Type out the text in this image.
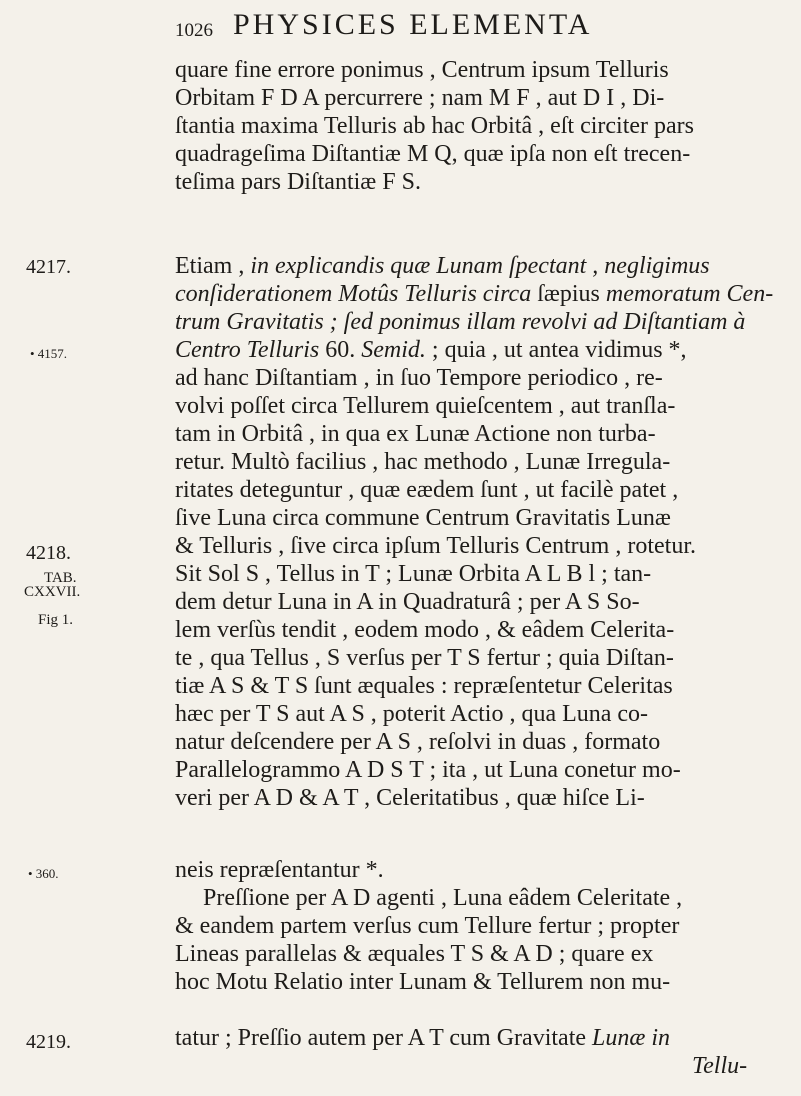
1026 PHYSICES ELEMENTA
4217.
• 4157.
4218.
TAB.
CXXVII.
Fig 1.
• 360.
4219.
quare fine errore ponimus , Centrum ipsum Telluris
Orbitam F D A percurrere ; nam M F , aut D I , Di-
ſtantia maxima Telluris ab hac Orbitâ , eſt circiter pars
quadrageſima Diſtantiæ M Q, quæ ipſa non eſt trecen-
teſima pars Diſtantiæ F S.
Etiam , in explicandis quæ Lunam ſpectant , negligimus
conſiderationem Motûs Telluris circa ſæpius memoratum Cen-
trum Gravitatis ; ſed ponimus illam revolvi ad Diſtantiam à
Centro Telluris 60. Semid. ; quia , ut antea vidimus *,
ad hanc Diſtantiam , in ſuo Tempore periodico , re-
volvi poſſet circa Tellurem quieſcentem , aut tranſla-
tam in Orbitâ , in qua ex Lunæ Actione non turba-
retur. Multò facilius , hac methodo , Lunæ Irregula-
ritates deteguntur , quæ eædem ſunt , ut facilè patet ,
ſive Luna circa commune Centrum Gravitatis Lunæ
& Telluris , ſive circa ipſum Telluris Centrum , rotetur.
Sit Sol S , Tellus in T ; Lunæ Orbita A L B l ; tan-
dem detur Luna in A in Quadraturâ ; per A S So-
lem verſùs tendit , eodem modo , & eâdem Celerita-
te , qua Tellus , S verſus per T S fertur ; quia Diſtan-
tiæ A S & T S ſunt æquales : repræſentetur Celeritas
hæc per T S aut A S , poterit Actio , qua Luna co-
natur deſcendere per A S , reſolvi in duas , formato
Parallelogrammo A D S T ; ita , ut Luna conetur mo-
veri per A D & A T , Celeritatibus , quæ hiſce Li-
neis repræſentantur *.
Preſſione per A D agenti , Luna eâdem Celeritate ,
& eandem partem verſus cum Tellure fertur ; propter
Lineas parallelas & æquales T S & A D ; quare ex
hoc Motu Relatio inter Lunam & Tellurem non mu-
tatur ; Preſſio autem per A T cum Gravitate Lunæ in
Tellu-
